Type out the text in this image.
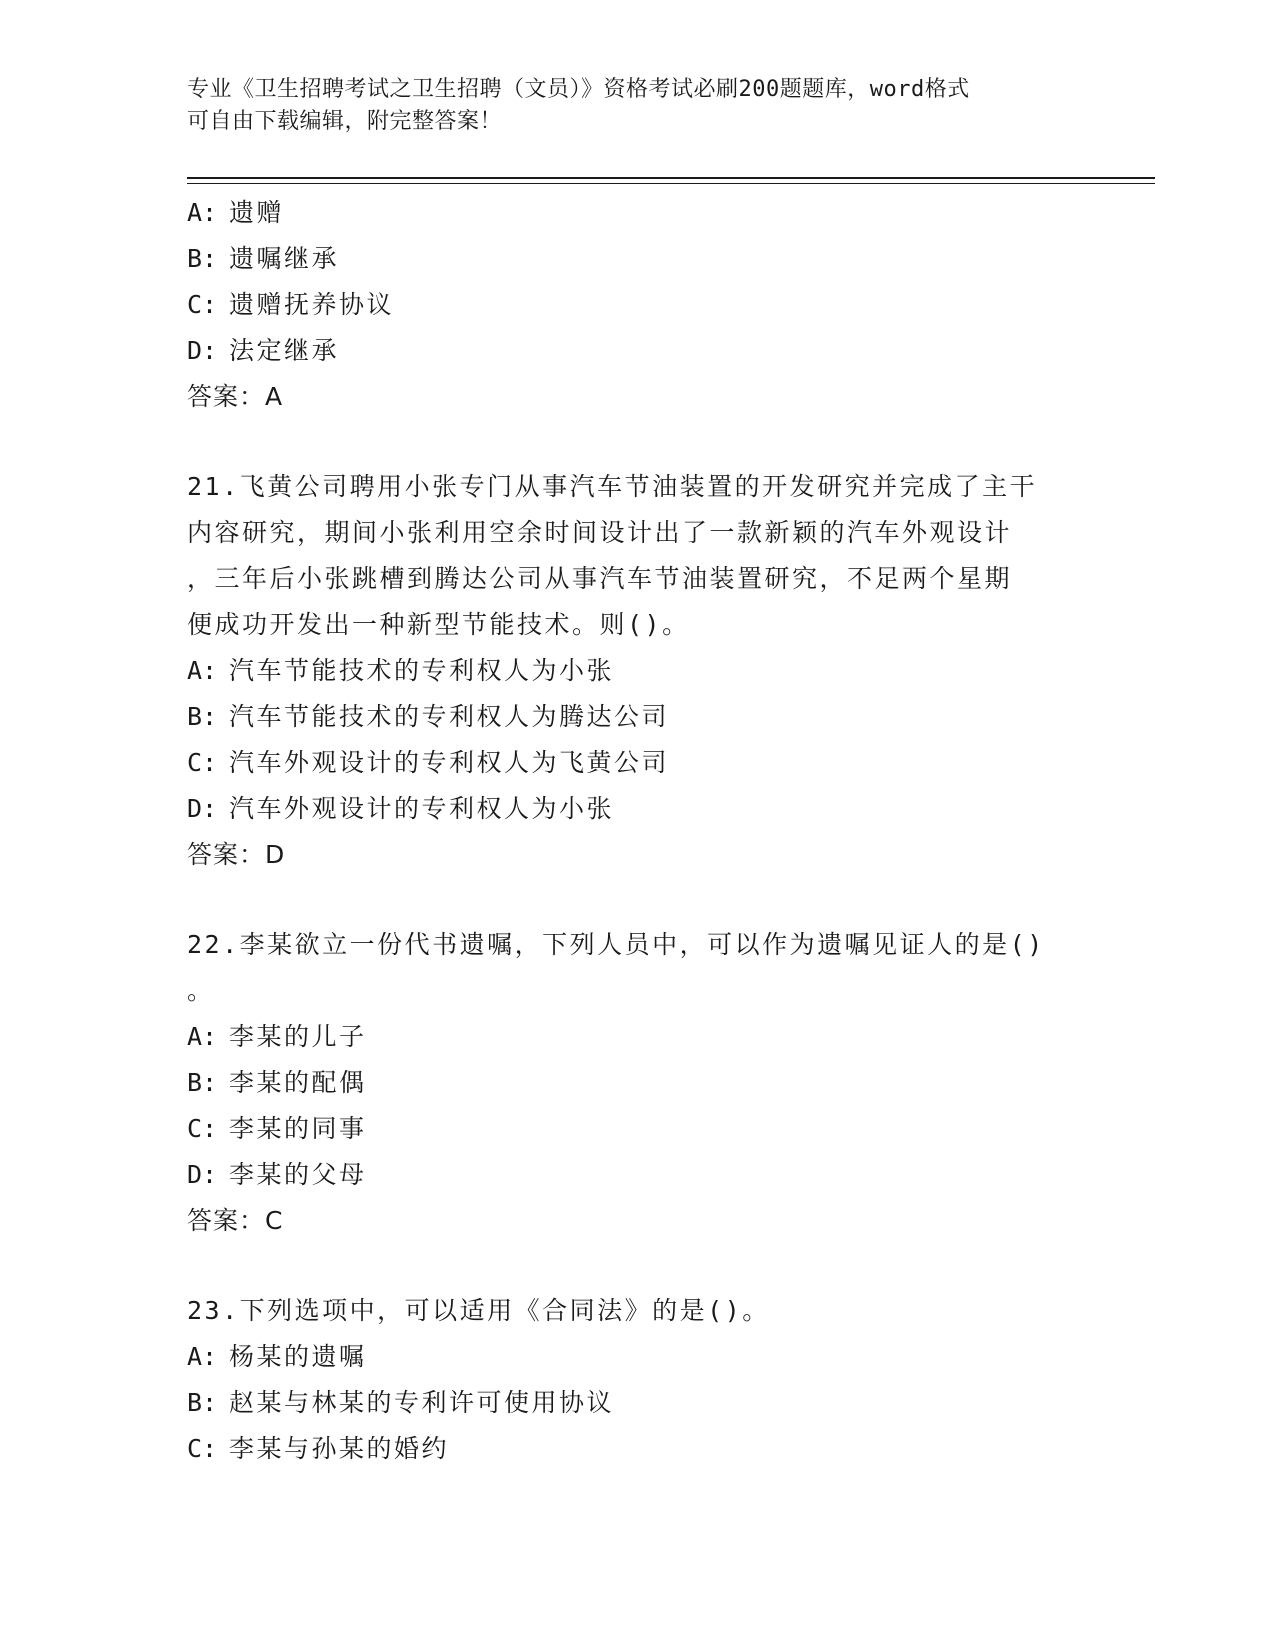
专业《卫生招聘考试之卫生招聘（文员）》资格考试必刷200题题库，word格式
可自由下载编辑，附完整答案！
A: 遗赠
B: 遗嘱继承
C: 遗赠抚养协议
D: 法定继承
答案：A
21.飞黄公司聘用小张专门从事汽车节油装置的开发研究并完成了主干
内容研究，期间小张利用空余时间设计出了一款新颖的汽车外观设计
，三年后小张跳槽到腾达公司从事汽车节油装置研究，不足两个星期
便成功开发出一种新型节能技术。则()。
A: 汽车节能技术的专利权人为小张
B: 汽车节能技术的专利权人为腾达公司
C: 汽车外观设计的专利权人为飞黄公司
D: 汽车外观设计的专利权人为小张
答案：D
22.李某欲立一份代书遗嘱，下列人员中，可以作为遗嘱见证人的是()
。
A: 李某的儿子
B: 李某的配偶
C: 李某的同事
D: 李某的父母
答案：C
23.下列选项中，可以适用《合同法》的是()。
A: 杨某的遗嘱
B: 赵某与林某的专利许可使用协议
C: 李某与孙某的婚约
